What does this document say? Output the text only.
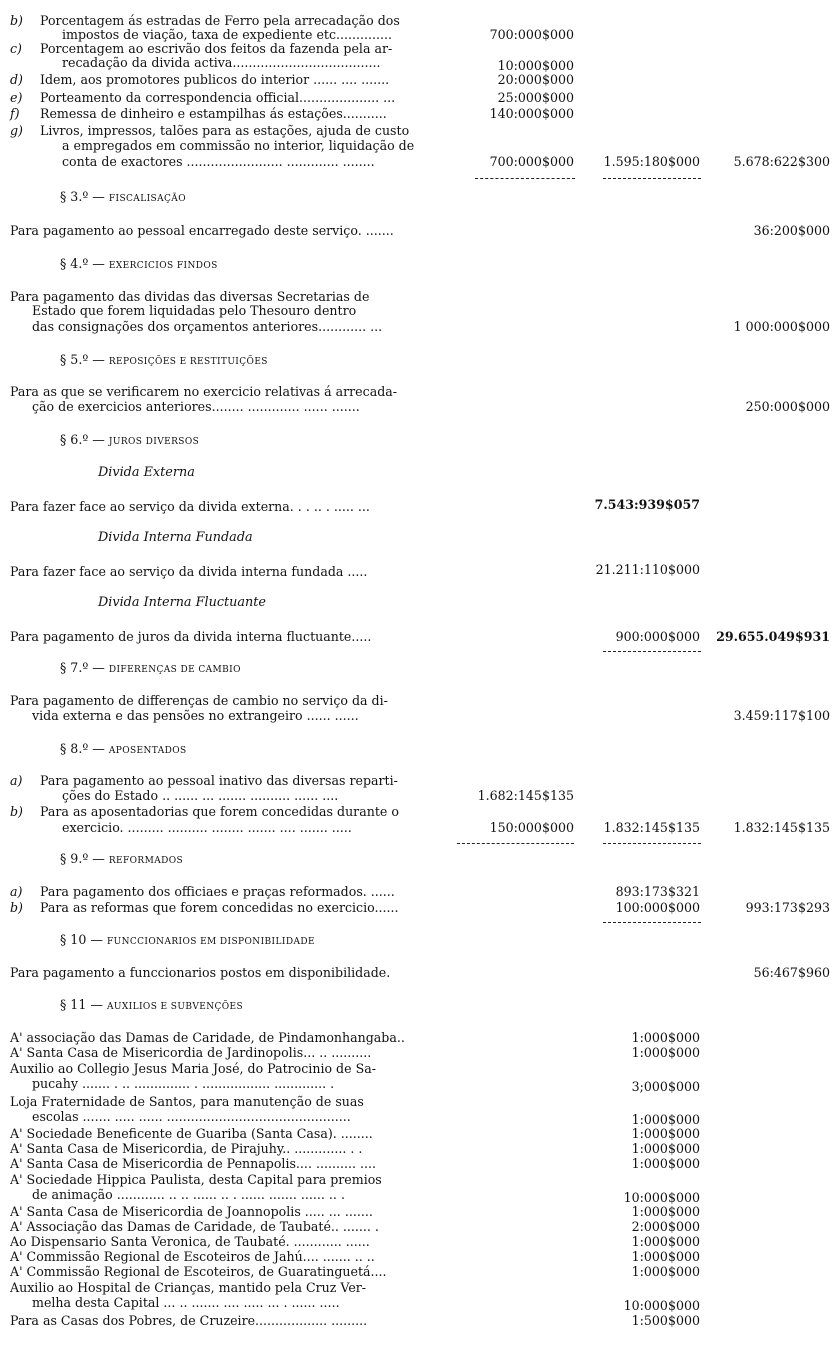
b) Porcentagem ás estradas de Ferro pela arrecadação dos
impostos de viação, taxa de expediente etc..............	700:000$000
c) Porcentagem ao escrivão dos feitos da fazenda pela ar-
recadação da divida activa.....................................	10:000$000
d) Idem, aos promotores publicos do interior ...... .... .......	20:000$000
e) Porteamento da correspondencia official.................... ...	25:000$000
f) Remessa de dinheiro e estampilhas ás estações...........	140:000$000
g) Livros, impressos, talões para as estações, ajuda de custo
a empregados em commissão no interior, liquidação de
conta de exactores ........................ ............. ........	700:000$000	1.595:180$000	5.678:622$300
§ 3.º — FISCALISAÇÃO
Para pagamento ao pessoal encarregado deste serviço. .......	36:200$000
§ 4.º — EXERCICIOS FINDOS
Para pagamento das dividas das diversas Secretarias de
Estado que forem liquidadas pelo Thesouro dentro
das consignações dos orçamentos anteriores............ ...	1 000:000$000
§ 5.º — REPOSIÇÕES E RESTITUIÇÕES
Para as que se verificarem no exercicio relativas á arrecada-
ção de exercicios anteriores........ ............. ...... .......	250:000$000
§ 6.º — JUROS DIVERSOS
Divida Externa
Para fazer face ao serviço da divida externa. . . .. . ..... ...	7.543:939$057
Divida Interna Fundada
Para fazer face ao serviço da divida interna fundada .....	21.211:110$000
Divida Interna Fluctuante
Para pagamento de juros da divida interna fluctuante.....	900:000$000	29.655.049$931
§ 7.º — DIFERENÇAS DE CAMBIO
Para pagamento de differenças de cambio no serviço da di-
vida externa e das pensões no extrangeiro ...... ......	3.459:117$100
§ 8.º — APOSENTADOS
a) Para pagamento ao pessoal inativo das diversas reparti-
ções do Estado .. ...... ... ....... .......... ...... ....	1.682:145$135
b) Para as aposentadorias que forem concedidas durante o
exercicio. ......... .......... ........ ....... .... ....... .....	150:000$000	1.832:145$135	1.832:145$135
§ 9.º — REFORMADOS
a) Para pagamento dos officiaes e praças reformados. ......	893:173$321
b) Para as reformas que forem concedidas no exercicio......	100:000$000	993:173$293
§ 10 — FUNCCIONARIOS EM DISPONIBILIDADE
Para pagamento a funccionarios postos em disponibilidade.	56:467$960
§ 11 — AUXILIOS E SUBVENÇÕES
A' associação das Damas de Caridade, de Pindamonhangaba..	1:000$000
A' Santa Casa de Misericordia de Jardinopolis... .. ..........	1:000$000
Auxilio ao Collegio Jesus Maria José, do Patrocinio de Sa-
pucahy ....... . .. .............. . ................. ............. .	3;000$000
Loja Fraternidade de Santos, para manutenção de suas
escolas ....... ..... ...... ..............................................	1:000$000
A' Sociedade Beneficente de Guariba (Santa Casa). ........	1:000$000
A' Santa Casa de Misericordia, de Pirajuhy.. ............. . .	1:000$000
A' Santa Casa de Misericordia de Pennapolis.... .......... ....	1:000$000
A' Sociedade Hippica Paulista, desta Capital para premios
de animação ............ .. .. ...... .. . ...... ....... ...... .. .	10:000$000
A' Santa Casa de Misericordia de Joannopolis ..... ... .......	1:000$000
A' Associação das Damas de Caridade, de Taubaté.. ....... .	2:000$000
Ao Dispensario Santa Veronica, de Taubaté. ............ ......	1:000$000
A' Commissão Regional de Escoteiros de Jahú.... ....... .. ..	1:000$000
A' Commissão Regional de Escoteiros, de Guaratinguetá....	1:000$000
Auxilio ao Hospital de Crianças, mantido pela Cruz Ver-
melha desta Capital ... .. ....... .... ..... ... . ...... .....	10:000$000
Para as Casas dos Pobres, de Cruzeire.................. .........	1:500$000
